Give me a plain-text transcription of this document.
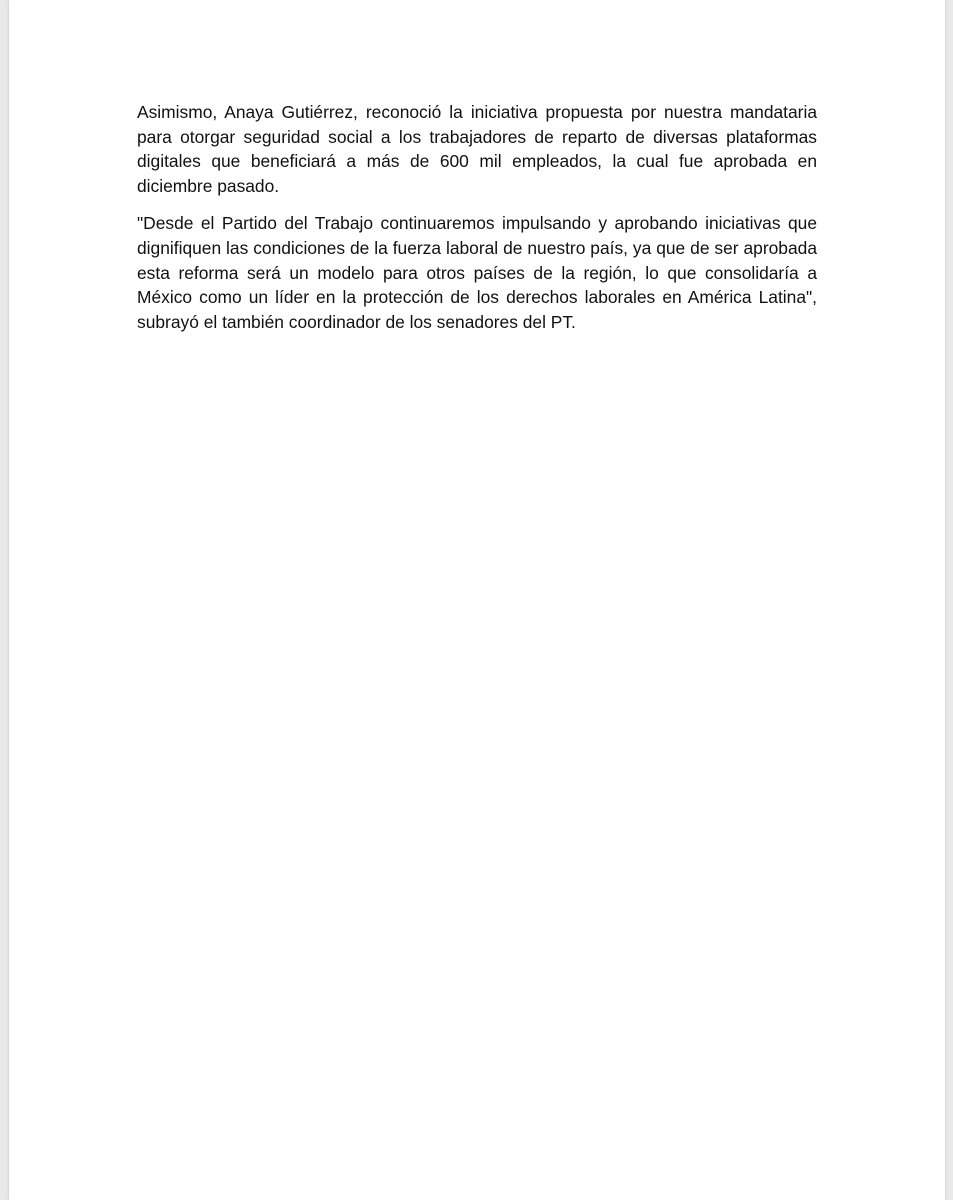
Asimismo, Anaya Gutiérrez, reconoció la iniciativa propuesta por nuestra mandataria para otorgar seguridad social a los trabajadores de reparto de diversas plataformas digitales que beneficiará a más de 600 mil empleados, la cual fue aprobada en diciembre pasado.

"Desde el Partido del Trabajo continuaremos impulsando y aprobando iniciativas que dignifiquen las condiciones de la fuerza laboral de nuestro país, ya que de ser aprobada esta reforma será un modelo para otros países de la región, lo que consolidaría a México como un líder en la protección de los derechos laborales en América Latina", subrayó el también coordinador de los senadores del PT.
